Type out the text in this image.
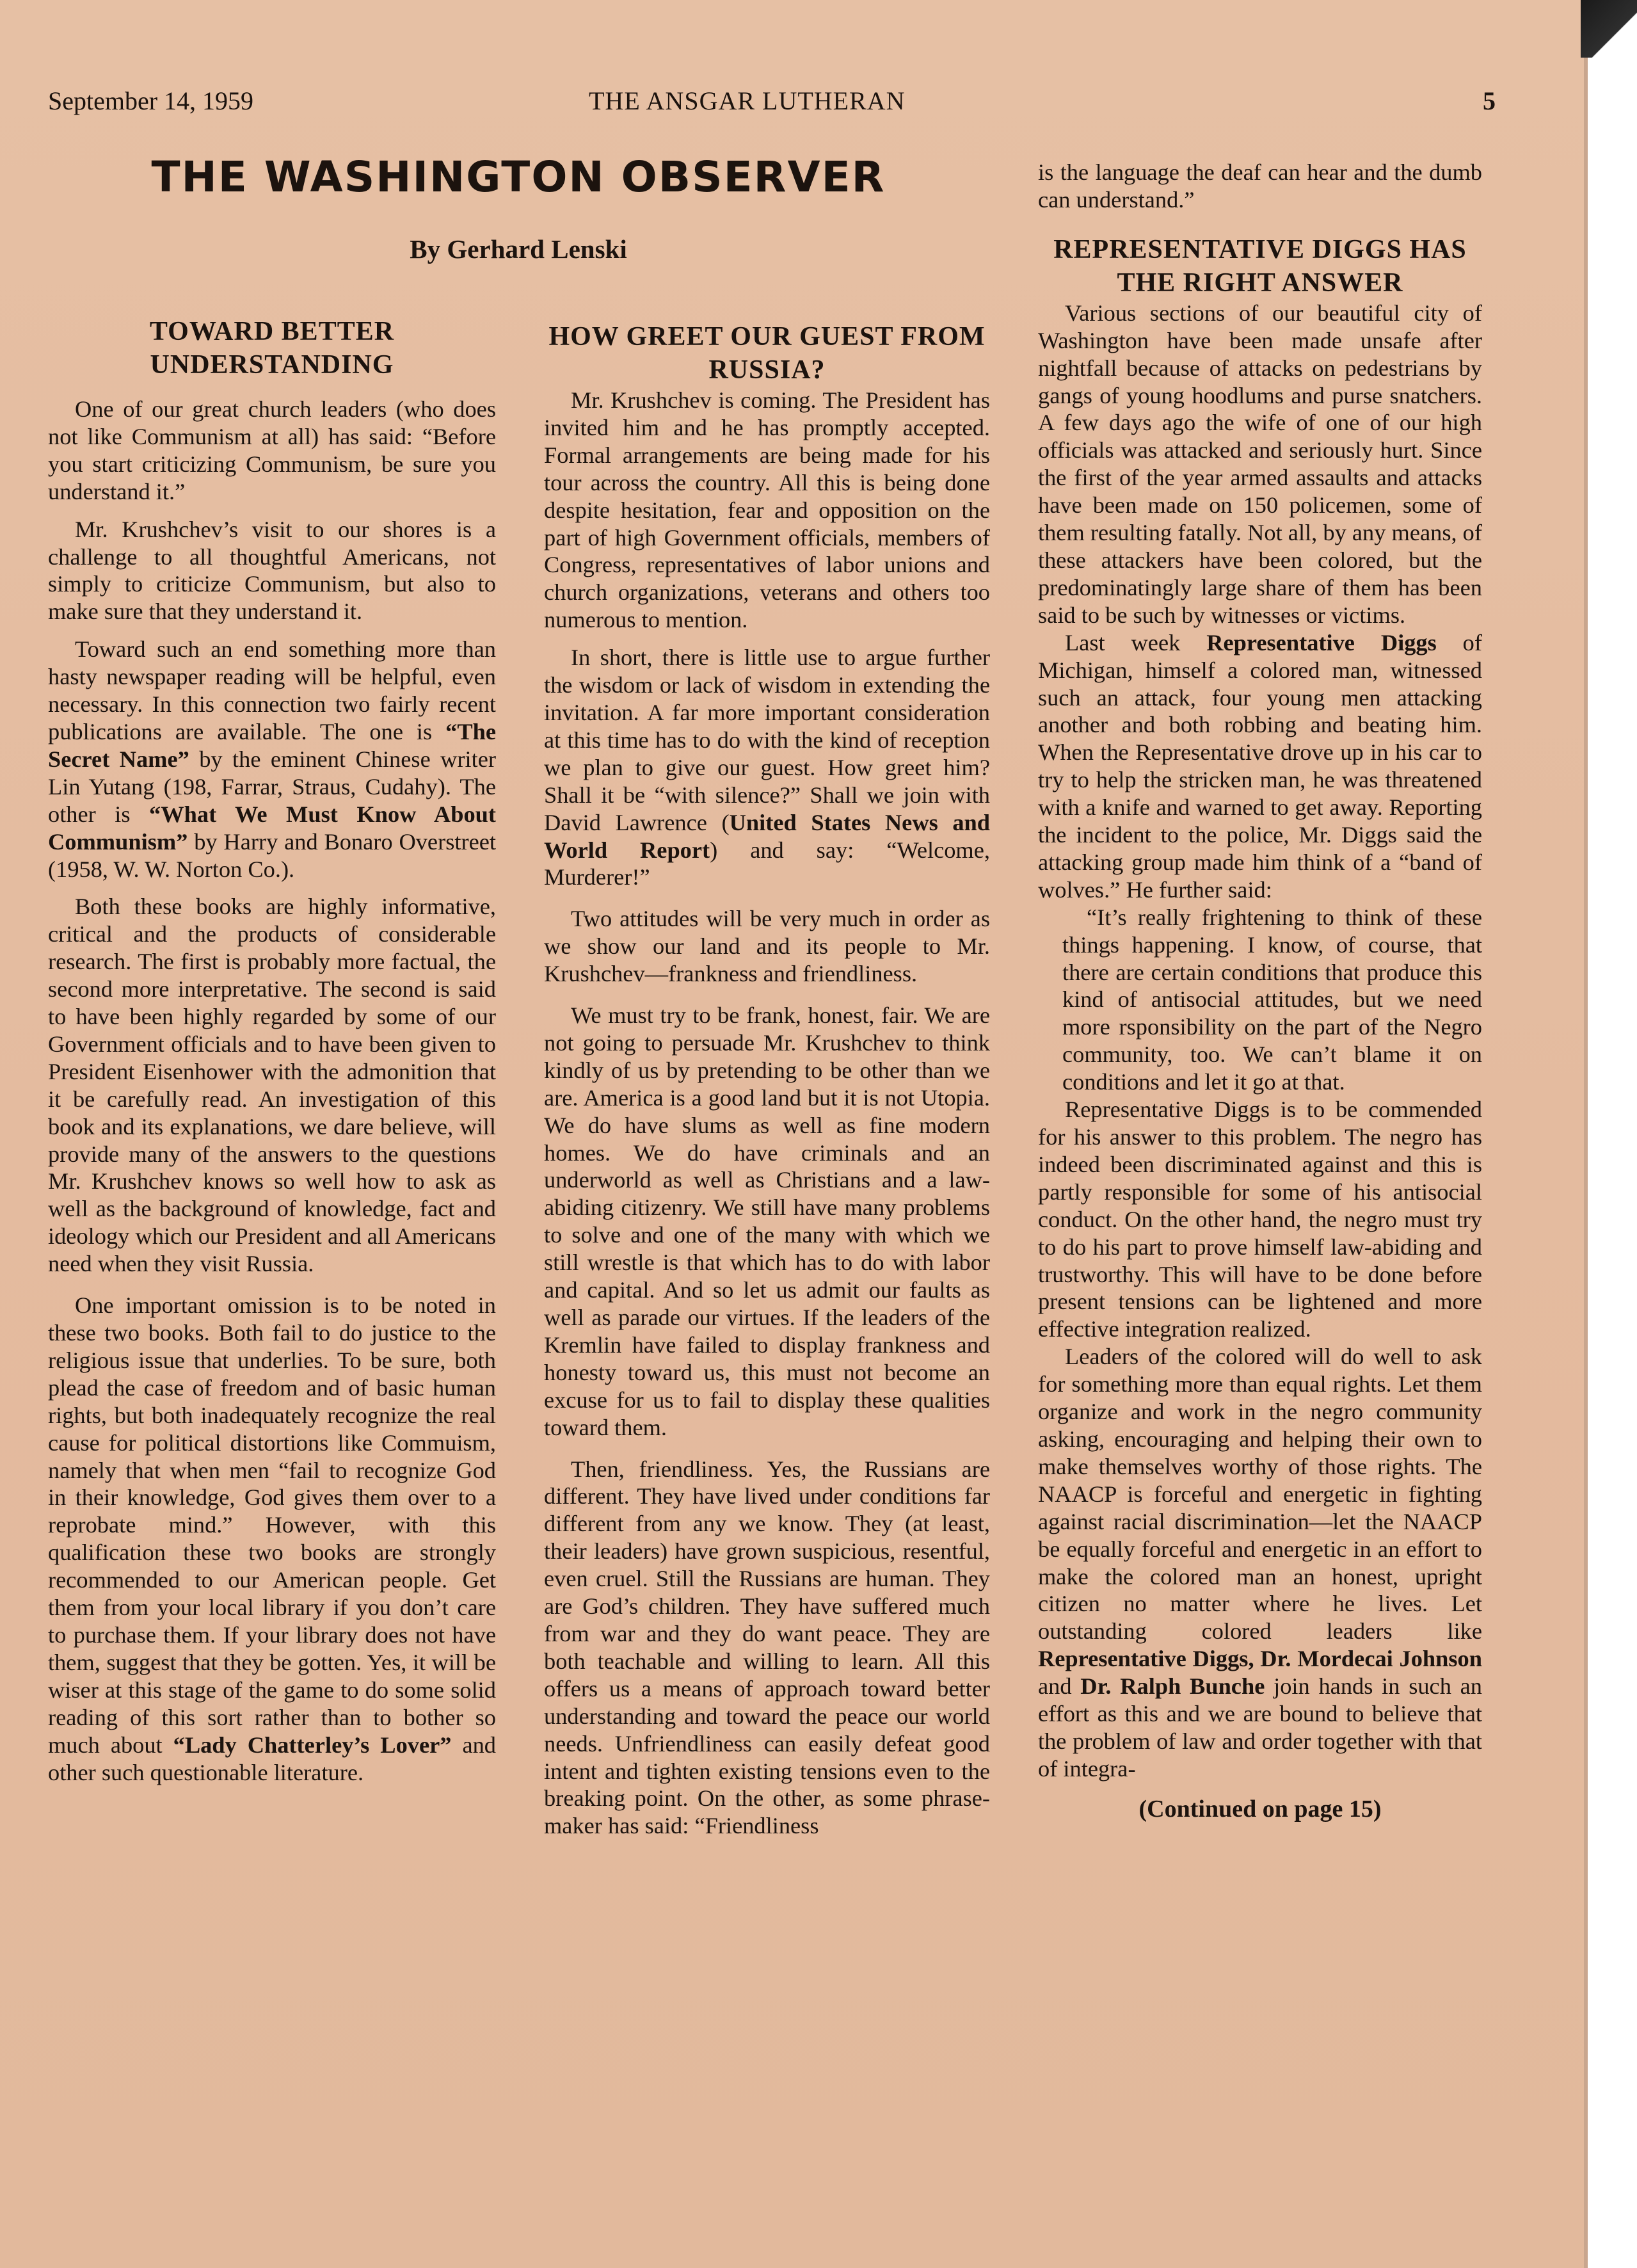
September 14, 1959	THE ANSGAR LUTHERAN	5
THE WASHINGTON OBSERVER
By Gerhard Lenski
TOWARD BETTER UNDERSTANDING

One of our great church leaders (who does not like Communism at all) has said: “Before you start criticizing Communism, be sure you understand it.”

Mr. Krushchev’s visit to our shores is a challenge to all thoughtful Americans, not simply to criticize Communism, but also to make sure that they understand it.

Toward such an end something more than hasty newspaper reading will be helpful, even necessary. In this connection two fairly recent publications are available. The one is “The Secret Name” by the eminent Chinese writer Lin Yutang (198, Farrar, Straus, Cudahy). The other is “What We Must Know About Communism” by Harry and Bonaro Overstreet (1958, W. W. Norton Co.).

Both these books are highly informative, critical and the products of considerable research. The first is probably more factual, the second more interpretative. The second is said to have been highly regarded by some of our Government officials and to have been given to President Eisenhower with the admonition that it be carefully read. An investigation of this book and its explanations, we dare believe, will provide many of the answers to the questions Mr. Krushchev knows so well how to ask as well as the background of knowledge, fact and ideology which our President and all Americans need when they visit Russia.

One important omission is to be noted in these two books. Both fail to do justice to the religious issue that underlies. To be sure, both plead the case of freedom and of basic human rights, but both inadequately recognize the real cause for political distortions like Commuism, namely that when men “fail to recognize God in their knowledge, God gives them over to a reprobate mind.” However, with this qualification these two books are strongly recommended to our American people. Get them from your local library if you don’t care to purchase them. If your library does not have them, suggest that they be gotten. Yes, it will be wiser at this stage of the game to do some solid reading of this sort rather than to bother so much about “Lady Chatterley’s Lover” and other such questionable literature.

HOW GREET OUR GUEST FROM RUSSIA?

Mr. Krushchev is coming. The President has invited him and he has promptly accepted. Formal arrangements are being made for his tour across the country. All this is being done despite hesitation, fear and opposition on the part of high Government officials, members of Congress, representatives of labor unions and church organizations, veterans and others too numerous to mention.

In short, there is little use to argue further the wisdom or lack of wisdom in extending the invitation. A far more important consideration at this time has to do with the kind of reception we plan to give our guest. How greet him? Shall it be “with silence?” Shall we join with David Lawrence (United States News and World Report) and say: “Welcome, Murderer!”

Two attitudes will be very much in order as we show our land and its people to Mr. Krushchev—frankness and friendliness.

We must try to be frank, honest, fair. We are not going to persuade Mr. Krushchev to think kindly of us by pretending to be other than we are. America is a good land but it is not Utopia. We do have slums as well as fine modern homes. We do have criminals and an underworld as well as Christians and a law-abiding citizenry. We still have many problems to solve and one of the many with which we still wrestle is that which has to do with labor and capital. And so let us admit our faults as well as parade our virtues. If the leaders of the Kremlin have failed to display frankness and honesty toward us, this must not become an excuse for us to fail to display these qualities toward them.

Then, friendliness. Yes, the Russians are different. They have lived under conditions far different from any we know. They (at least, their leaders) have grown suspicious, resentful, even cruel. Still the Russians are human. They are God’s children. They have suffered much from war and they do want peace. They are both teachable and willing to learn. All this offers us a means of approach toward better understanding and toward the peace our world needs. Unfriendliness can easily defeat good intent and tighten existing tensions even to the breaking point. On the other, as some phrase-maker has said: “Friendliness

is the language the deaf can hear and the dumb can understand.”

REPRESENTATIVE DIGGS HAS THE RIGHT ANSWER

Various sections of our beautiful city of Washington have been made unsafe after nightfall because of attacks on pedestrians by gangs of young hoodlums and purse snatchers. A few days ago the wife of one of our high officials was attacked and seriously hurt. Since the first of the year armed assaults and attacks have been made on 150 policemen, some of them resulting fatally. Not all, by any means, of these attackers have been colored, but the predominatingly large share of them has been said to be such by witnesses or victims.

Last week Representative Diggs of Michigan, himself a colored man, witnessed such an attack, four young men attacking another and both robbing and beating him. When the Representative drove up in his car to try to help the stricken man, he was threatened with a knife and warned to get away. Reporting the incident to the police, Mr. Diggs said the attacking group made him think of a “band of wolves.” He further said:

“It’s really frightening to think of these things happening. I know, of course, that there are certain conditions that produce this kind of antisocial attitudes, but we need more rsponsibility on the part of the Negro community, too. We can’t blame it on conditions and let it go at that.

Representative Diggs is to be commended for his answer to this problem. The negro has indeed been discriminated against and this is partly responsible for some of his antisocial conduct. On the other hand, the negro must try to do his part to prove himself law-abiding and trustworthy. This will have to be done before present tensions can be lightened and more effective integration realized.

Leaders of the colored will do well to ask for something more than equal rights. Let them organize and work in the negro community asking, encouraging and helping their own to make themselves worthy of those rights. The NAACP is forceful and energetic in fighting against racial discrimination—let the NAACP be equally forceful and energetic in an effort to make the colored man an honest, upright citizen no matter where he lives. Let outstanding colored leaders like Representative Diggs, Dr. Mordecai Johnson and Dr. Ralph Bunche join hands in such an effort as this and we are bound to believe that the problem of law and order together with that of integra-

(Continued on page 15)
